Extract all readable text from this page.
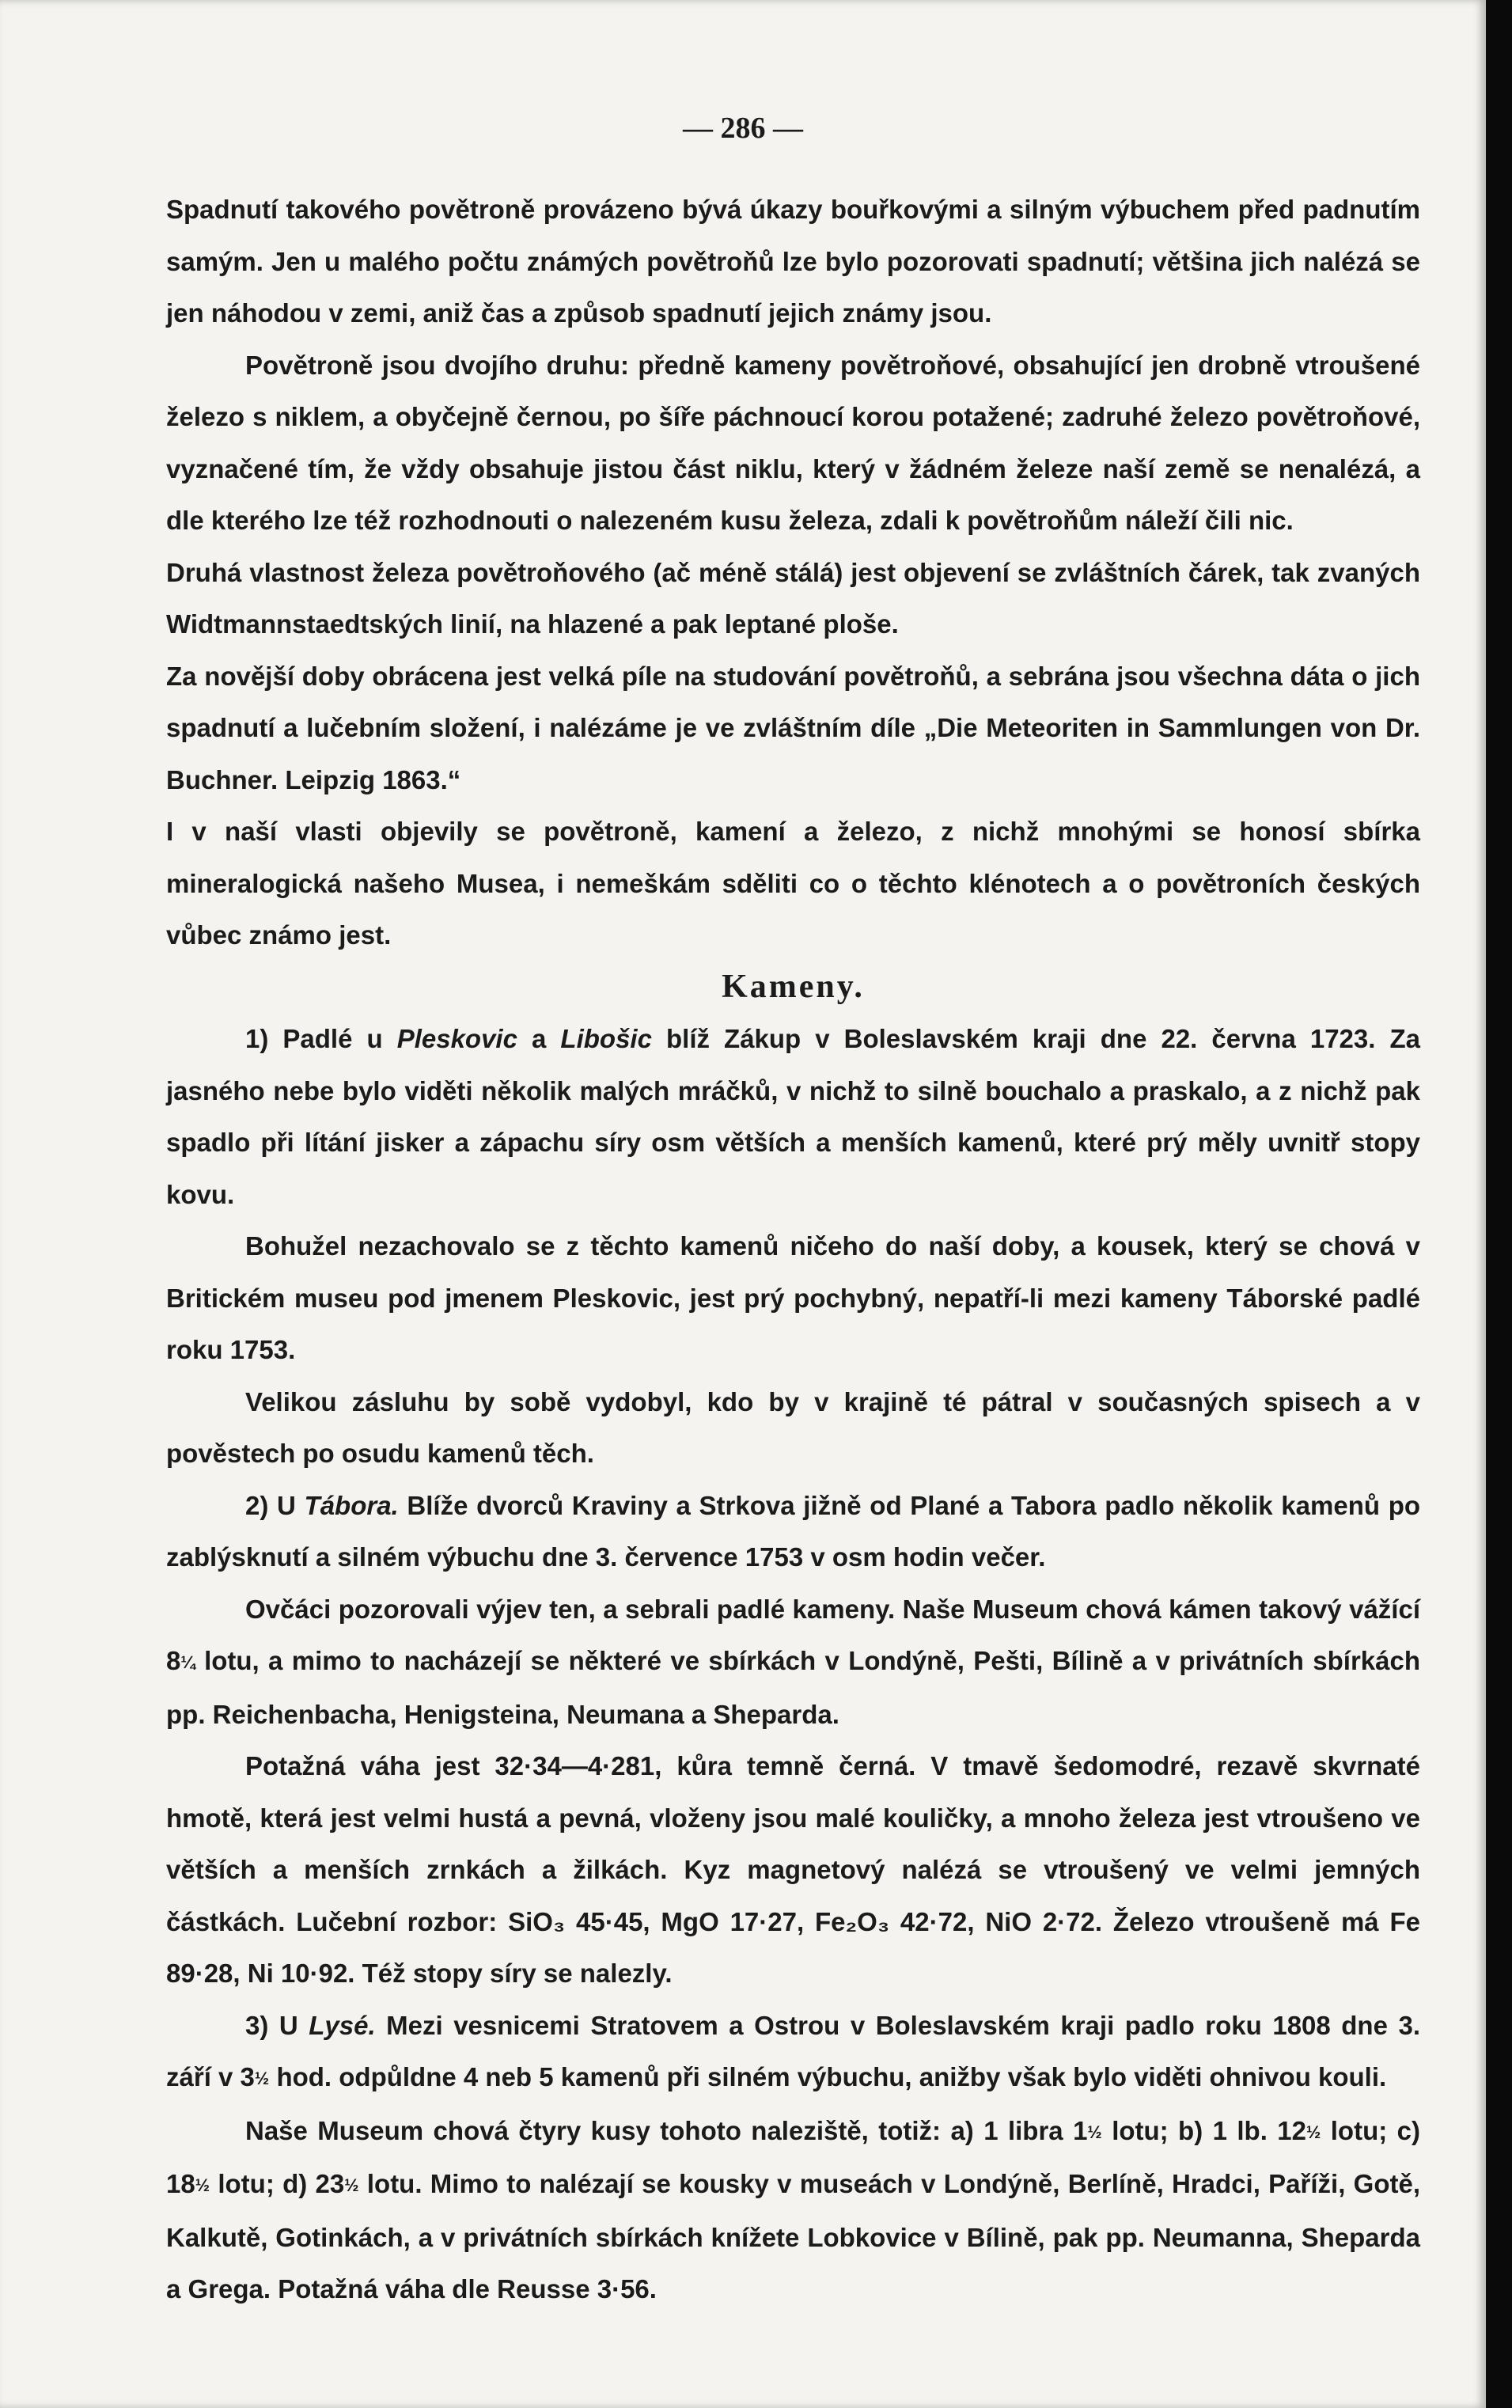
— 286 —

Spadnutí takového povětroně provázeno bývá úkazy bouřkovými a silným výbuchem před padnutím samým. Jen u malého počtu známých povětroňů lze bylo pozorovati spadnutí; většina jich nalézá se jen náhodou v zemi, aniž čas a způsob spadnutí jejich známy jsou.

Povětroně jsou dvojího druhu: předně kameny povětroňové, obsahující jen drobně vtroušené železo s niklem, a obyčejně černou, po šíře páchnoucí korou potažené; zadruhé železo povětroňové, vyznačené tím, že vždy obsahuje jistou část niklu, který v žádném železe naší země se nenalézá, a dle kterého lze též rozhodnouti o nalezeném kusu železa, zdali k povětroňům náleží čili nic.

Druhá vlastnost železa povětroňového (ač méně stálá) jest objevení se zvláštních čárek, tak zvaných Widtmannstaedtských linií, na hlazené a pak leptané ploše.

Za novější doby obrácena jest velká píle na studování povětroňů, a sebrána jsou všechna dáta o jich spadnutí a lučebním složení, i nalézáme je ve zvláštním díle „Die Meteoriten in Sammlungen von Dr. Buchner. Leipzig 1863.“

I v naší vlasti objevily se povětroně, kamení a železo, z nichž mnohými se honosí sbírka mineralogická našeho Musea, i nemeškám sděliti co o těchto klénotech a o povětroních českých vůbec známo jest.

Kameny.

1) Padlé u Pleskovic a Libošic blíž Zákup v Boleslavském kraji dne 22. června 1723. Za jasného nebe bylo viděti několik malých mráčků, v nichž to silně bouchalo a praskalo, a z nichž pak spadlo při lítání jisker a zápachu síry osm větších a menších kamenů, které prý měly uvnitř stopy kovu.

Bohužel nezachovalo se z těchto kamenů ničeho do naší doby, a kousek, který se chová v Britickém museu pod jmenem Pleskovic, jest prý pochybný, nepatří-li mezi kameny Táborské padlé roku 1753.

Velikou zásluhu by sobě vydobyl, kdo by v krajině té pátral v současných spisech a v pověstech po osudu kamenů těch.

2) U Tábora. Blíže dvorců Kraviny a Strkova jižně od Plané a Tabora padlo několik kamenů po zablýsknutí a silném výbuchu dne 3. července 1753 v osm hodin večer.

Ovčáci pozorovali výjev ten, a sebrali padlé kameny. Naše Museum chová kámen takový vážící 8¼ lotu, a mimo to nacházejí se některé ve sbírkách v Londýně, Pešti, Bílině a v privátních sbírkách pp. Reichenbacha, Henigsteina, Neumana a Sheparda.

Potažná váha jest 32·34—4·281, kůra temně černá. V tmavě šedomodré, rezavě skvrnaté hmotě, která jest velmi hustá a pevná, vloženy jsou malé kouličky, a mnoho železa jest vtroušeno ve větších a menších zrnkách a žilkách. Kyz magnetový nalézá se vtroušený ve velmi jemných částkách. Lučební rozbor: SiO₃ 45·45, MgO 17·27, Fe₂O₃ 42·72, NiO 2·72. Železo vtroušeně má Fe 89·28, Ni 10·92. Též stopy síry se nalezly.

3) U Lysé. Mezi vesnicemi Stratovem a Ostrou v Boleslavském kraji padlo roku 1808 dne 3. září v 3½ hod. odpůldne 4 neb 5 kamenů při silném výbuchu, anižby však bylo viděti ohnivou kouli.

Naše Museum chová čtyry kusy tohoto naleziště, totiž: a) 1 libra 1½ lotu; b) 1 lb. 12½ lotu; c) 18½ lotu; d) 23½ lotu. Mimo to nalézají se kousky v museách v Londýně, Berlíně, Hradci, Paříži, Gotě, Kalkutě, Gotinkách, a v privátních sbírkách knížete Lobkovice v Bílině, pak pp. Neumanna, Sheparda a Grega. Potažná váha dle Reusse 3·56.
